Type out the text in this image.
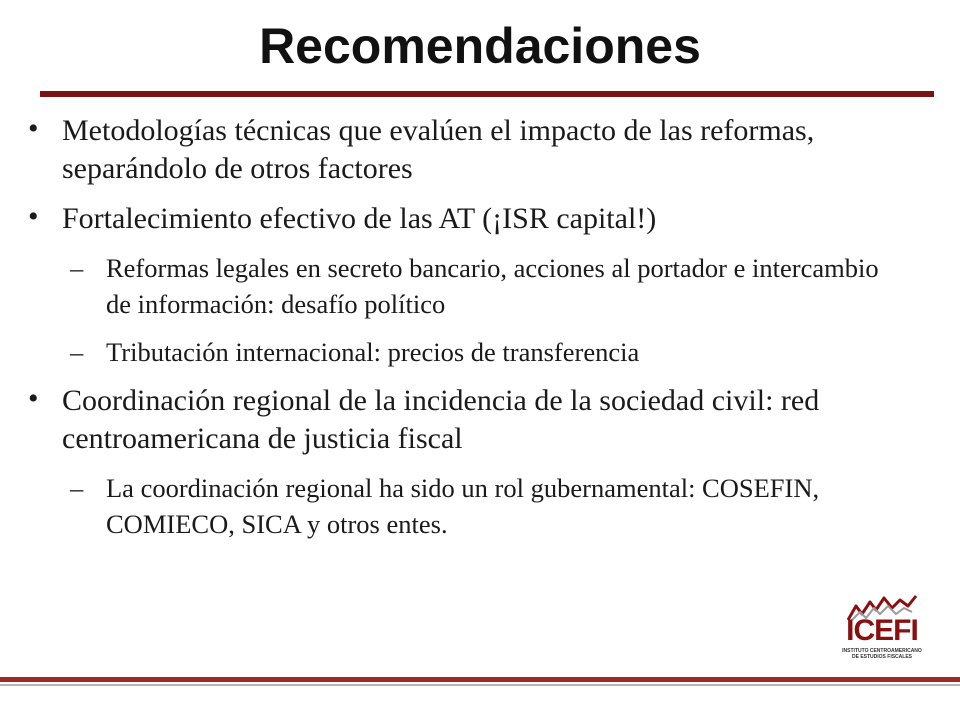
Recomendaciones
• Metodologías técnicas que evalúen el impacto de las reformas, separándolo de otros factores
• Fortalecimiento efectivo de las AT (¡ISR capital!)
– Reformas legales en secreto bancario, acciones al portador e intercambio de información: desafío político
– Tributación internacional: precios de transferencia
• Coordinación regional de la incidencia de la sociedad civil: red centroamericana de justicia fiscal
– La coordinación regional ha sido un rol gubernamental: COSEFIN, COMIECO, SICA y otros entes.
ICEFI
INSTITUTO CENTROAMERICANO
DE ESTUDIOS FISCALES
